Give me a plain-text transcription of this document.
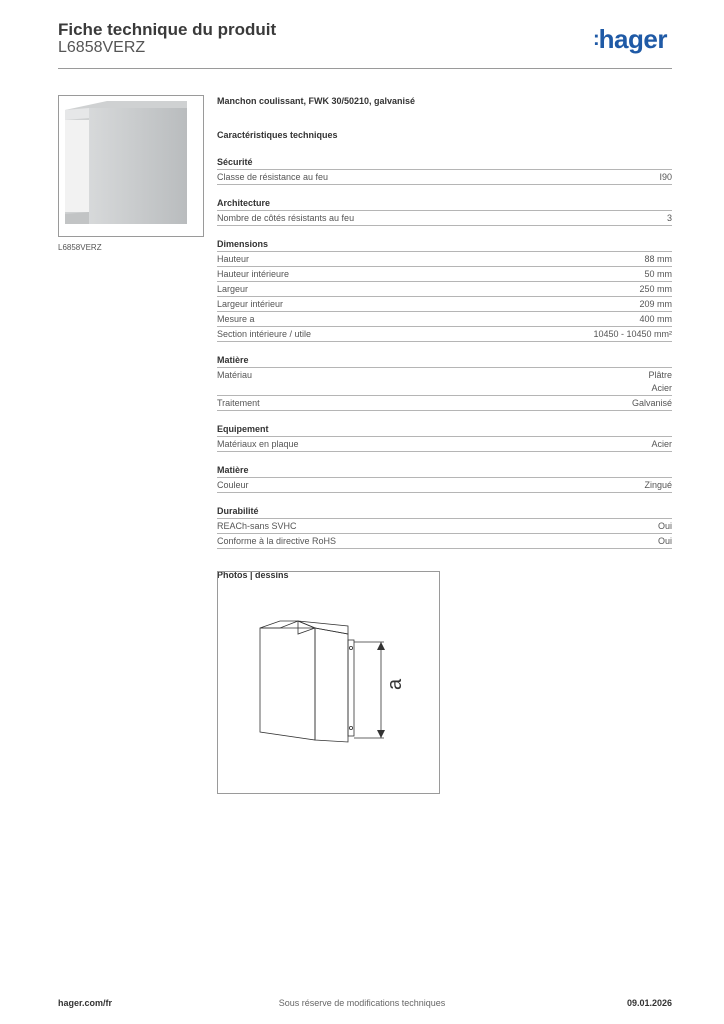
Fiche technique du produit
L6858VERZ	:hager
L6858VERZ
Manchon coulissant, FWK 30/50210, galvanisé
Caractéristiques techniques
Sécurité
Classe de résistance au feu	I90
Architecture
Nombre de côtés résistants au feu	3
Dimensions
Hauteur	88 mm
Hauteur intérieure	50 mm
Largeur	250 mm
Largeur intérieur	209 mm
Mesure a	400 mm
Section intérieure / utile	10450 - 10450 mm²
Matière
Matériau	Plâtre
Acier
Traitement	Galvanisé
Equipement
Matériaux en plaque	Acier
Matière
Couleur	Zingué
Durabilité
REACh-sans SVHC	Oui
Conforme à la directive RoHS	Oui
Photos | dessins
a
hager.com/fr	Sous réserve de modifications techniques	09.01.2026
